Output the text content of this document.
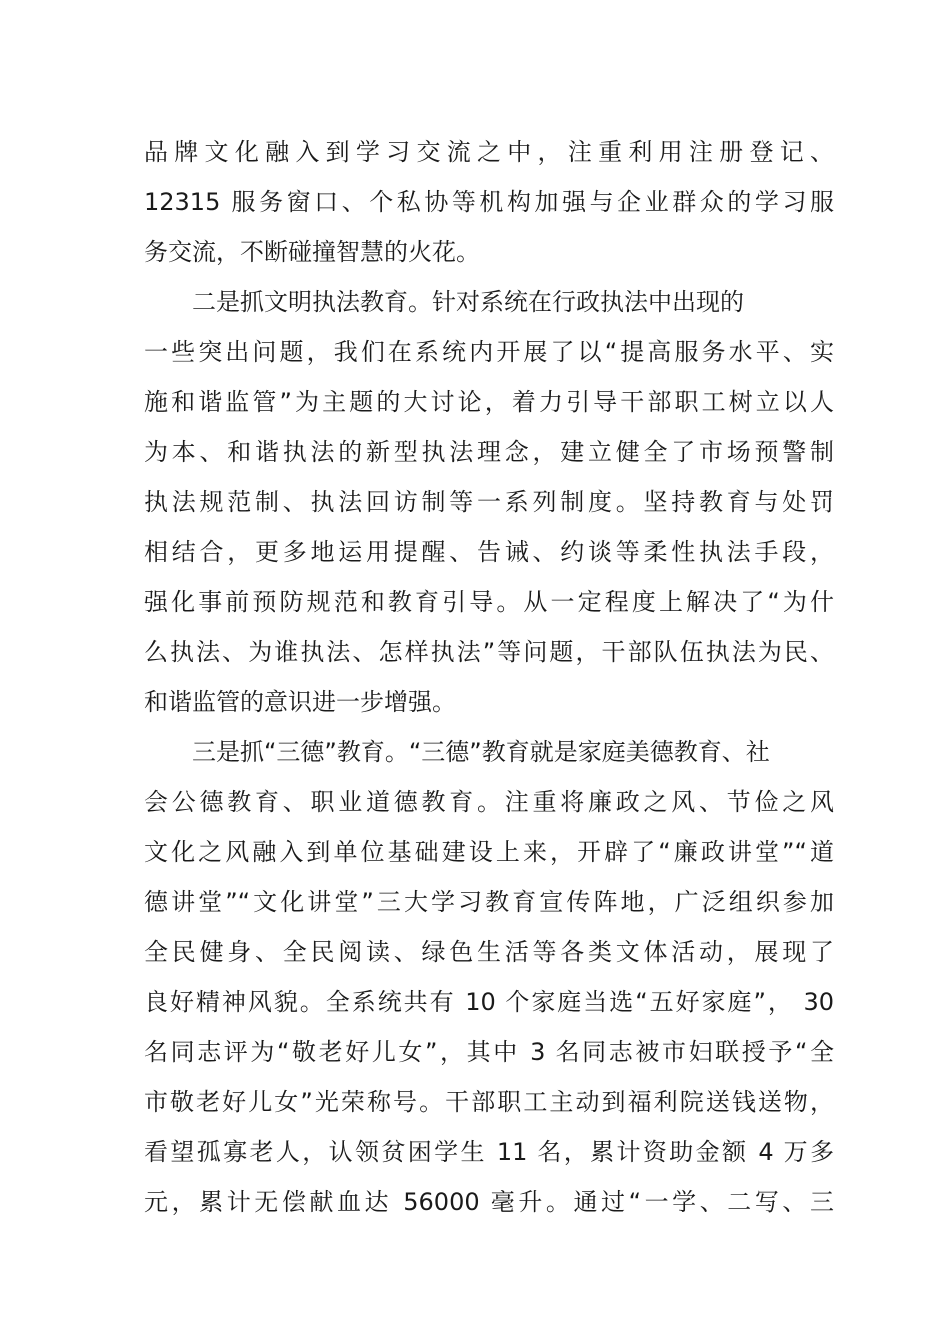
品牌文化融入到学习交流之中，注重利用注册登记、
12315 服务窗口、个私协等机构加强与企业群众的学习服
务交流，不断碰撞智慧的火花。
二是抓文明执法教育。针对系统在行政执法中出现的
一些突出问题，我们在系统内开展了以“提高服务水平、实
施和谐监管”为主题的大讨论，着力引导干部职工树立以人
为本、和谐执法的新型执法理念，建立健全了市场预警制
执法规范制、执法回访制等一系列制度。坚持教育与处罚
相结合，更多地运用提醒、告诫、约谈等柔性执法手段，
强化事前预防规范和教育引导。从一定程度上解决了“为什
么执法、为谁执法、怎样执法”等问题，干部队伍执法为民、
和谐监管的意识进一步增强。
三是抓“三德”教育。“三德”教育就是家庭美德教育、社
会公德教育、职业道德教育。注重将廉政之风、节俭之风
文化之风融入到单位基础建设上来，开辟了“廉政讲堂”“道
德讲堂”“文化讲堂”三大学习教育宣传阵地，广泛组织参加
全民健身、全民阅读、绿色生活等各类文体活动，展现了
良好精神风貌。全系统共有 10 个家庭当选“五好家庭”， 30
名同志评为“敬老好儿女”，其中 3 名同志被市妇联授予“全
市敬老好儿女”光荣称号。干部职工主动到福利院送钱送物，
看望孤寡老人，认领贫困学生 11 名，累计资助金额 4 万多
元，累计无偿献血达 56000 毫升。通过“一学、二写、三
